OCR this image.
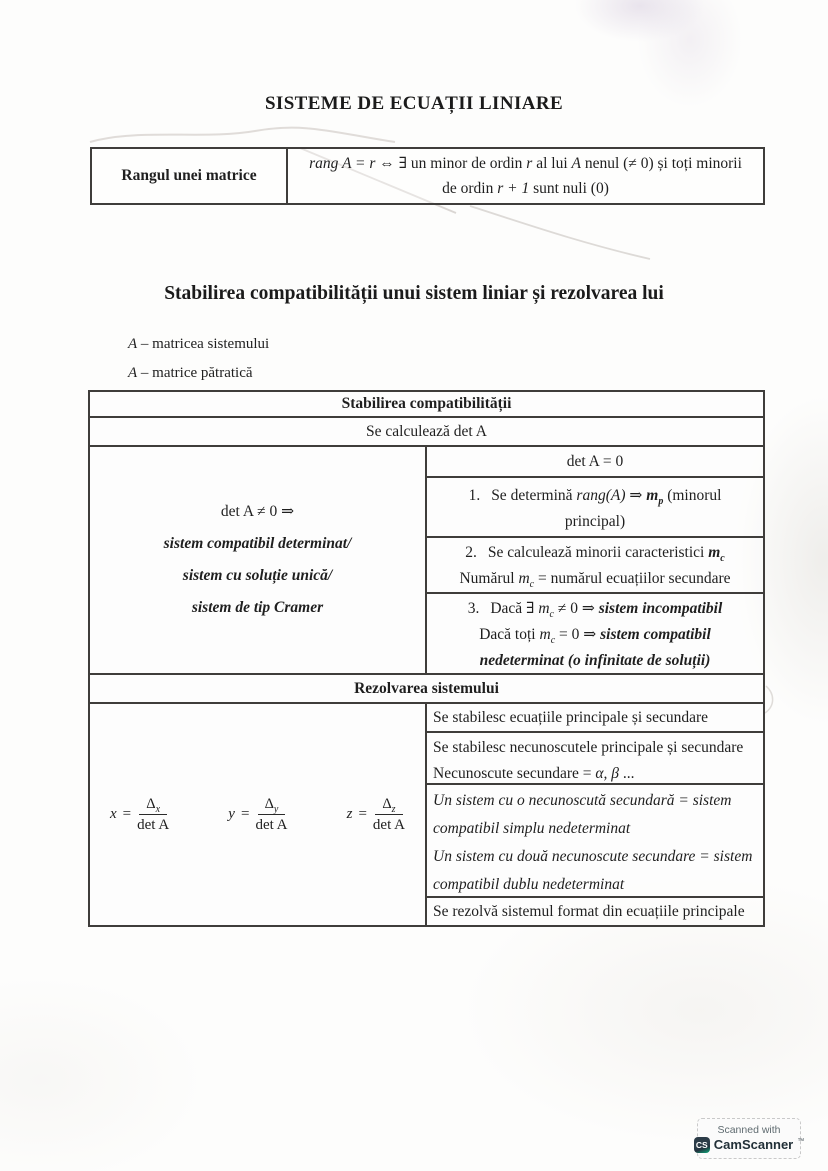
SISTEME DE ECUAȚII LINIARE
Rangul unei matrice
rang A = r ⇔ ∃ un minor de ordin r al lui A nenul (≠ 0) și toți minorii
de ordin r + 1 sunt nuli (0)
Stabilirea compatibilității unui sistem liniar și rezolvarea lui
A – matricea sistemului
A – matrice pătratică
Stabilirea compatibilității
Se calculează det A
det A ≠ 0 ⇒
sistem compatibil determinat/
sistem cu soluție unică/
sistem de tip Cramer
det A = 0
1. Se determină rang(A) ⇒ $m_p$ (minorul
principal)
2. Se calculează minorii caracteristici $m_c$
Numărul $m_c$ = numărul ecuațiilor secundare
3. Dacă ∃ $m_c \ne 0$ ⇒ sistem incompatibil
Dacă toți $m_c = 0$ ⇒ sistem compatibil
nedeterminat (o infinitate de soluții)
Rezolvarea sistemului
$x = \frac{\Delta_x}{\text{det A}}$	$y = \frac{\Delta_y}{\text{det A}}$	$z = \frac{\Delta_z}{\text{det A}}$
Se stabilesc ecuațiile principale și secundare
Se stabilesc necunoscutele principale și secundare
Necunoscute secundare = α, β ...
Un sistem cu o necunoscută secundară = sistem
compatibil simplu nedeterminat
Un sistem cu două necunoscute secundare = sistem
compatibil dublu nedeterminat
Se rezolvă sistemul format din ecuațiile principale
Scanned with
CS CamScanner ™
